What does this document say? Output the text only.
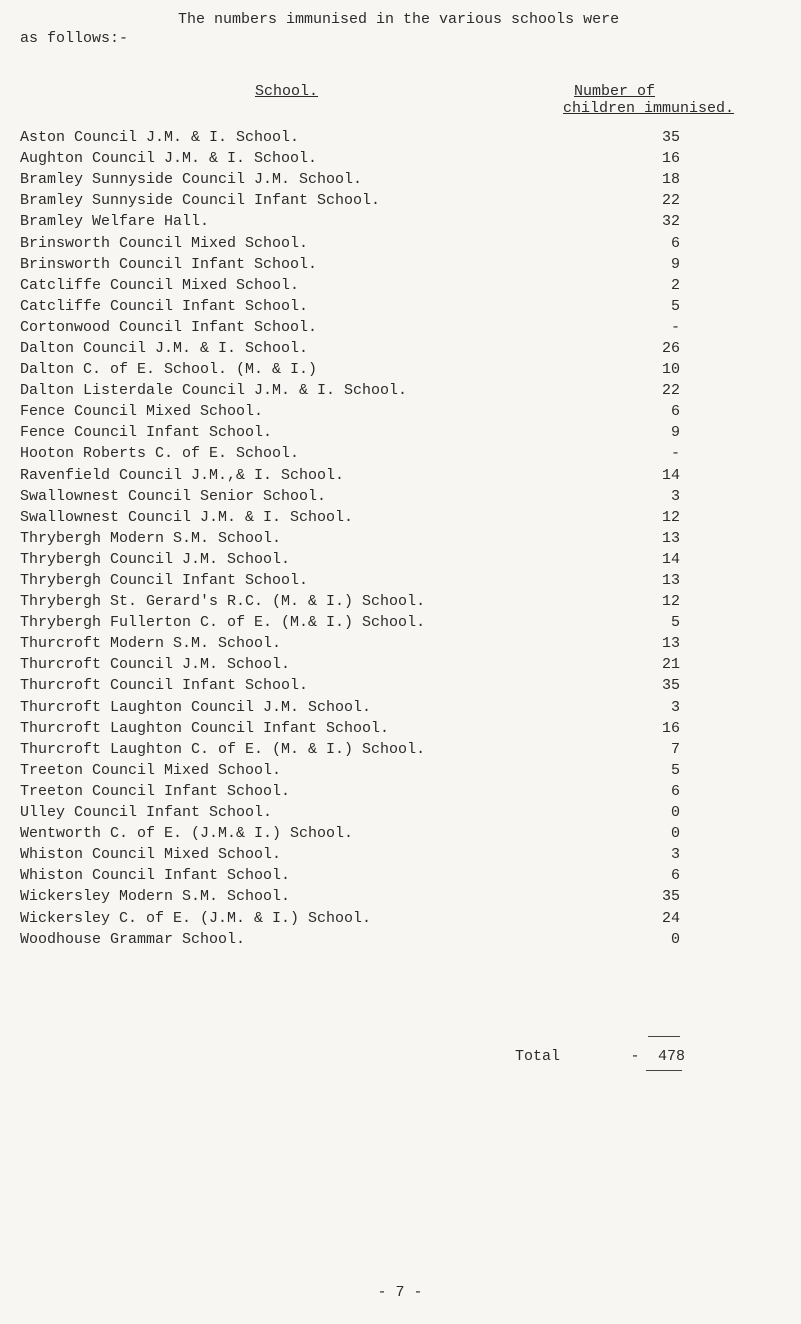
The numbers immunised in the various schools were
as follows:-
School.	Number of
children immunised.
Aston Council J.M. & I. School.	35
Aughton Council J.M. & I. School.	16
Bramley Sunnyside Council J.M. School.	18
Bramley Sunnyside Council Infant School.	22
Bramley Welfare Hall.	32
Brinsworth Council Mixed School.	6
Brinsworth Council Infant School.	9
Catcliffe Council Mixed School.	2
Catcliffe Council Infant School.	5
Cortonwood Council Infant School.	-
Dalton Council J.M. & I. School.	26
Dalton C. of E. School. (M. & I.)	10
Dalton Listerdale Council J.M. & I. School.	22
Fence Council Mixed School.	6
Fence Council Infant School.	9
Hooton Roberts C. of E. School.	-
Ravenfield Council J.M.,& I. School.	14
Swallownest Council Senior School.	3
Swallownest Council J.M. & I. School.	12
Thrybergh Modern S.M. School.	13
Thrybergh Council J.M. School.	14
Thrybergh Council Infant School.	13
Thrybergh St. Gerard's R.C. (M. & I.) School.	12
Thrybergh Fullerton C. of E. (M.& I.) School.	5
Thurcroft Modern S.M. School.	13
Thurcroft Council J.M. School.	21
Thurcroft Council Infant School.	35
Thurcroft Laughton Council J.M. School.	3
Thurcroft Laughton Council Infant School.	16
Thurcroft Laughton C. of E. (M. & I.) School.	7
Treeton Council Mixed School.	5
Treeton Council Infant School.	6
Ulley Council Infant School.	0
Wentworth C. of E. (J.M.& I.) School.	0
Whiston Council Mixed School.	3
Whiston Council Infant School.	6
Wickersley Modern S.M. School.	35
Wickersley C. of E. (J.M. & I.) School.	24
Woodhouse Grammar School.	0
Total	-	478
- 7 -
